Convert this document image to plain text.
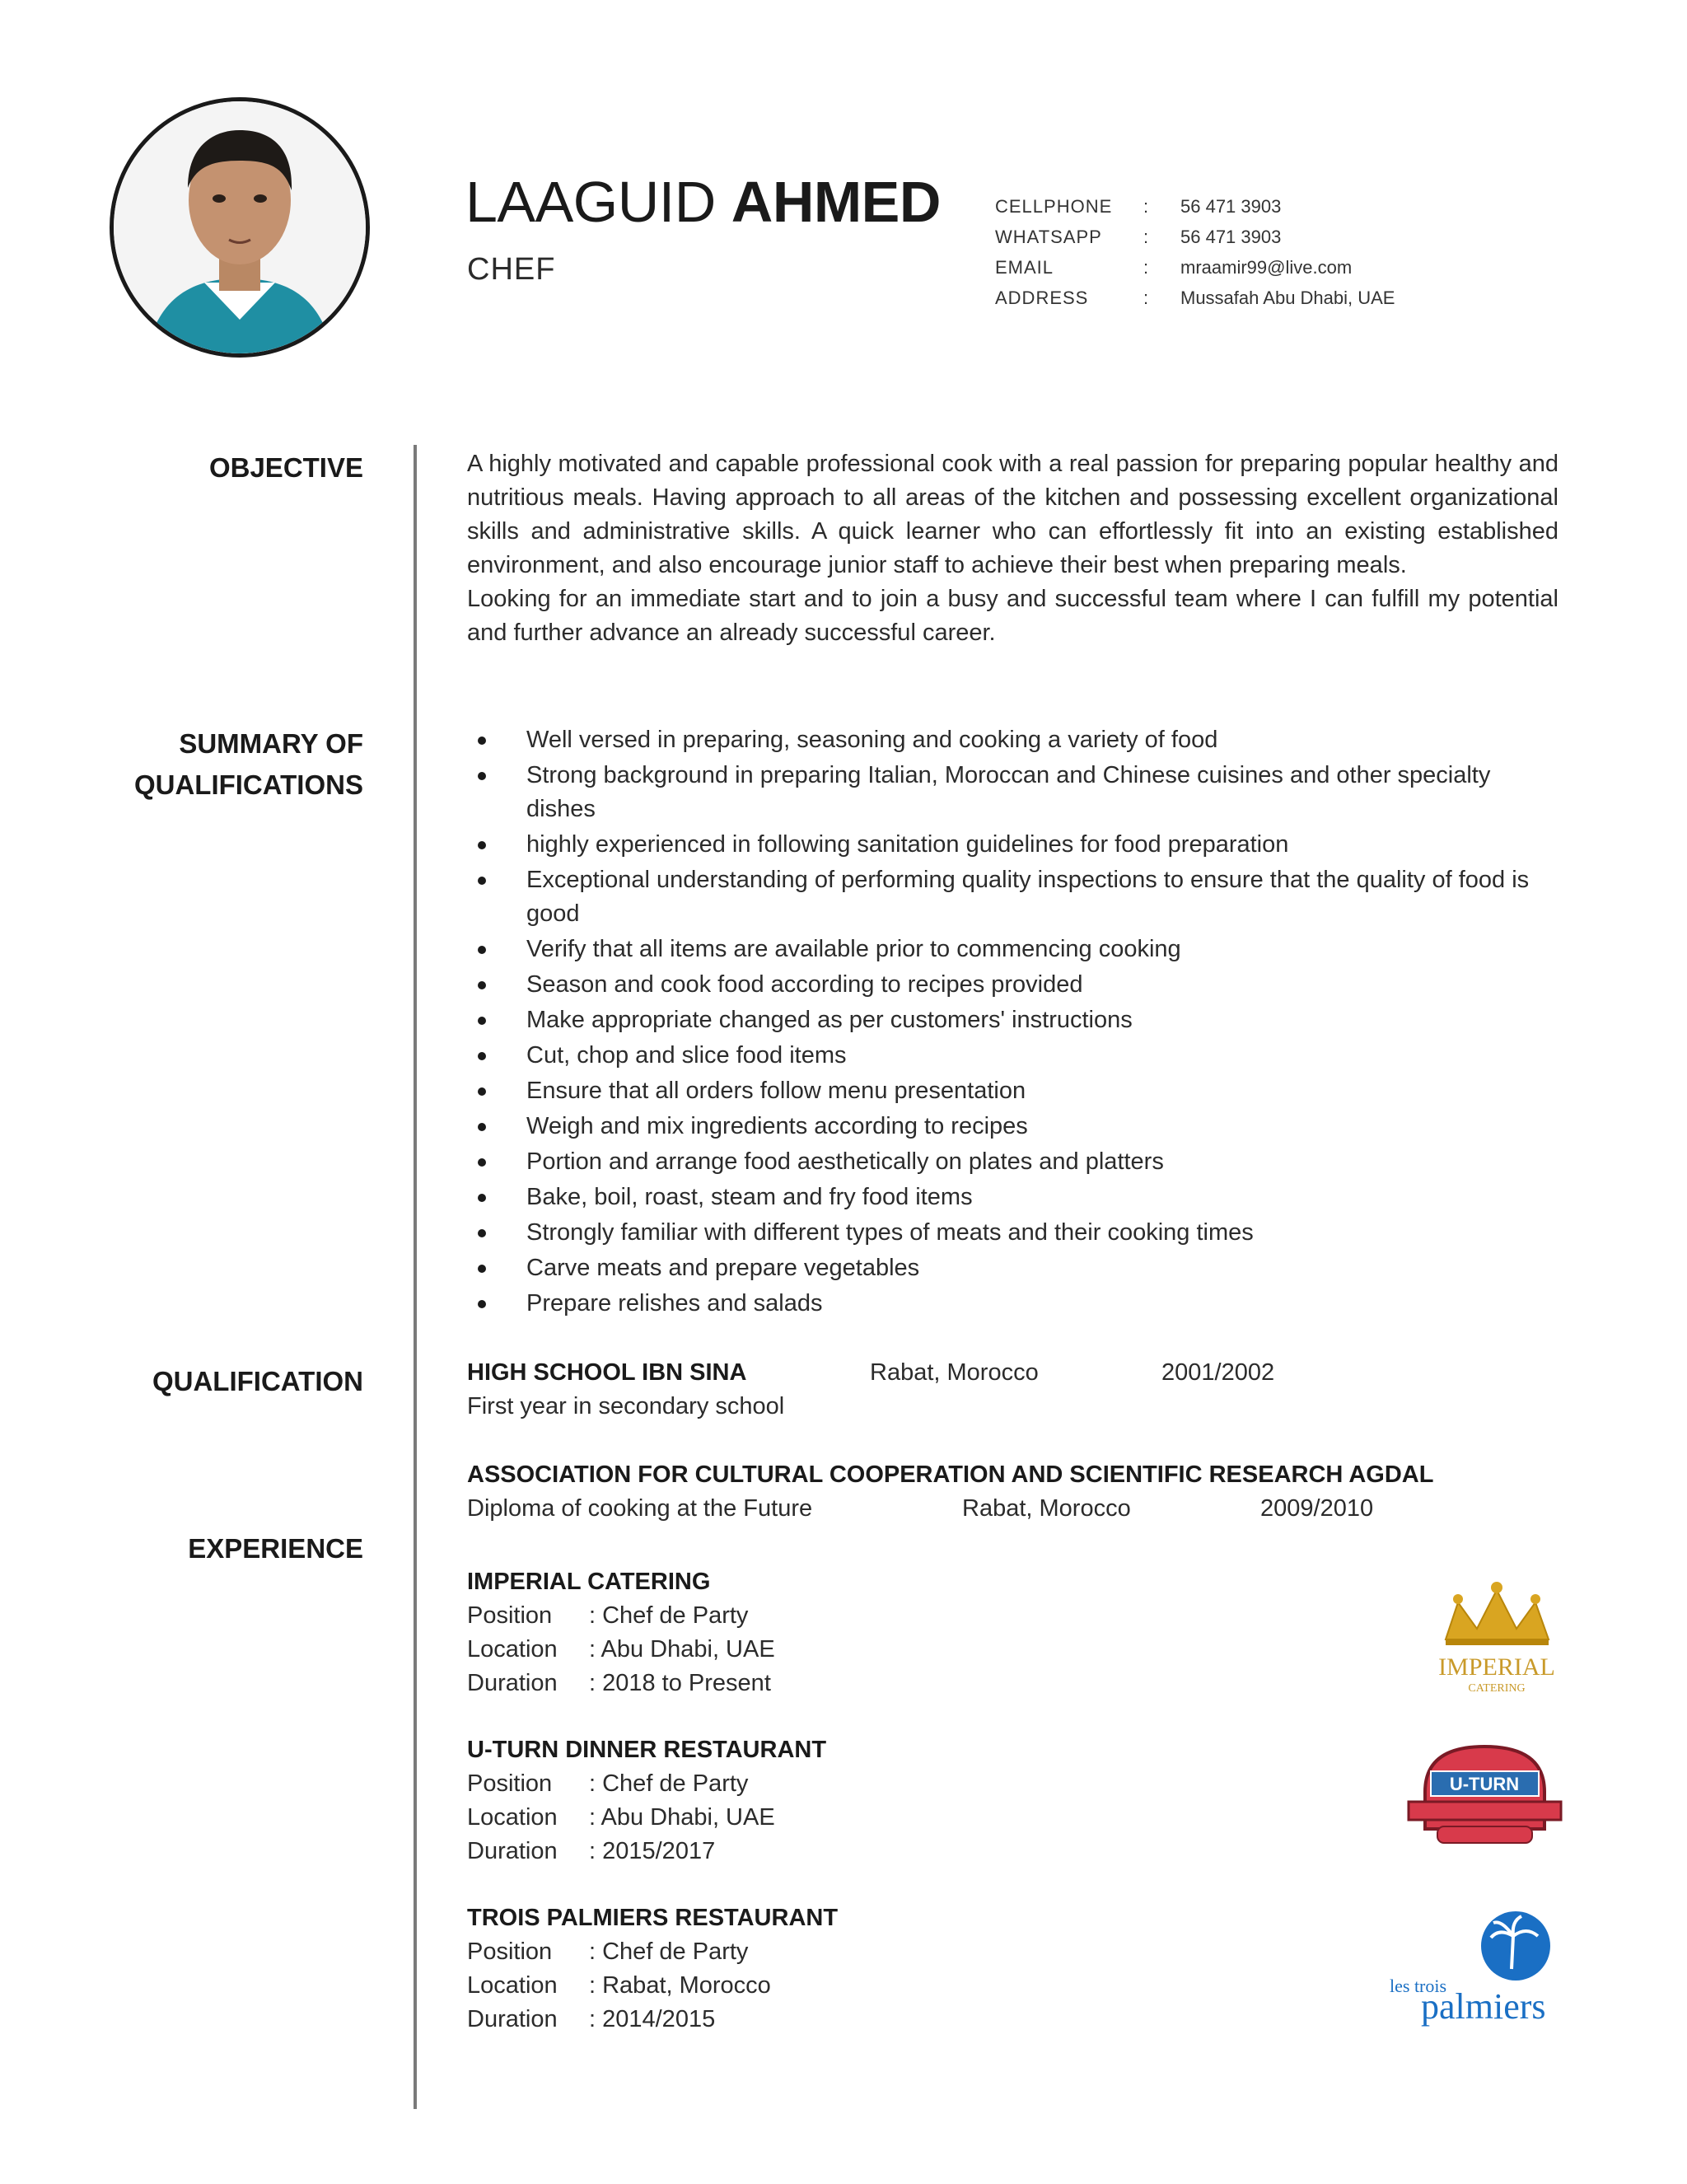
LAAGUID AHMED
CHEF
CELLPHONE	:	56 471 3903
WHATSAPP	:	56 471 3903
EMAIL	:	mraamir99@live.com
ADDRESS	:	Mussafah Abu Dhabi, UAE
OBJECTIVE
SUMMARY OF
QUALIFICATIONS
QUALIFICATION
EXPERIENCE

A highly motivated and capable professional cook with a real passion for preparing popular healthy and nutritious meals. Having approach to all areas of the kitchen and possessing excellent organizational skills and administrative skills. A quick learner who can effortlessly fit into an existing established environment, and also encourage junior staff to achieve their best when preparing meals.

Looking for an immediate start and to join a busy and successful team where I can fulfill my potential and further advance an already successful career.

Well versed in preparing, seasoning and cooking a variety of food
Strong background in preparing Italian, Moroccan and Chinese cuisines and other specialty dishes
highly experienced in following sanitation guidelines for food preparation
Exceptional understanding of performing quality inspections to ensure that the quality of food is good
Verify that all items are available prior to commencing cooking
Season and cook food according to recipes provided
Make appropriate changed as per customers' instructions
Cut, chop and slice food items
Ensure that all orders follow menu presentation
Weigh and mix ingredients according to recipes
Portion and arrange food aesthetically on plates and platters
Bake, boil, roast, steam and fry food items
Strongly familiar with different types of meats and their cooking times
Carve meats and prepare vegetables
Prepare relishes and salads
HIGH SCHOOL IBN SINA	Rabat, Morocco	2001/2002
First year in secondary school
ASSOCIATION FOR CULTURAL COOPERATION AND SCIENTIFIC RESEARCH AGDAL
Diploma of cooking at the Future	Rabat, Morocco	2009/2010
IMPERIAL CATERING
Position	: Chef de Party
Location	: Abu Dhabi, UAE
Duration	: 2018 to Present
U-TURN DINNER RESTAURANT
Position	: Chef de Party
Location	: Abu Dhabi, UAE
Duration	: 2015/2017
TROIS PALMIERS RESTAURANT
Position	: Chef de Party
Location	: Rabat, Morocco
Duration	: 2014/2015
IMPERIAL
CATERING
U-TURN
les trois
palmiers
